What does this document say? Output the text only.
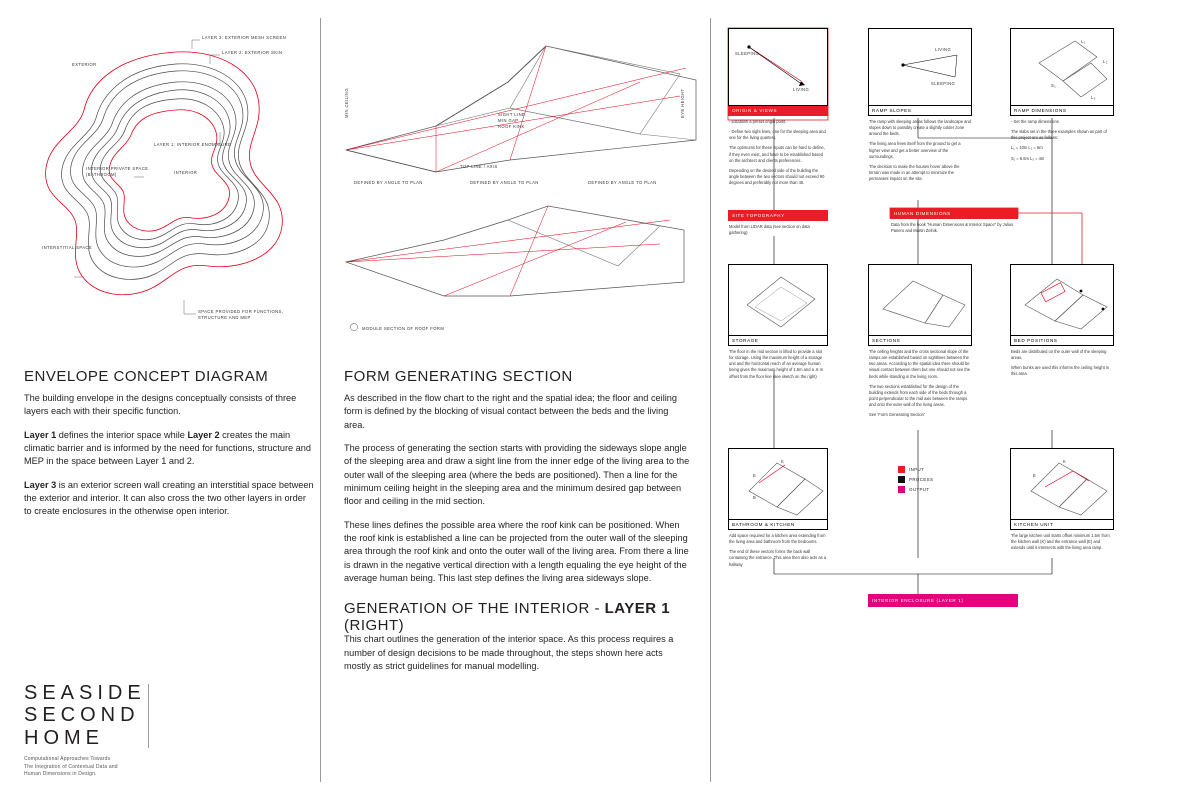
LAYER 3: EXTERIOR MESH SCREEN
LAYER 2: EXTERIOR SKIN
LAYER 1: INTERIOR ENCLOSURE
EXTERIOR
INTERIOR
INTERIOR PRIVATE SPACE
(BATHROOM)
INTERSTITIAL SPACE
SPACE PROVIDED FOR FUNCTIONS,
STRUCTURE AND MEP
ENVELOPE CONCEPT DIAGRAM

The building envelope in the designs conceptually consists of three layers each with their specific function.

Layer 1 defines the interior space while Layer 2 creates the main climatic barrier and is informed by the need for functions, structure and MEP in the space between Layer 1 and 2.

Layer 3 is an exterior screen wall creating an interstitial space between the exterior and interior. It can also cross the two other layers in order to create enclosures in the otherwise open interior.

SEASIDE
SECOND
HOME
Computational Approaches Towards
The Integration of Contextual Data and
Human Dimensions in Design.
MIN CEILING	EYE HEIGHT
SIGHT LINE
MIN GAP
ROOF KINK
TOP LINE / AXIS
DEFINED BY ANGLE TO PLAN	DEFINED BY ANGLE TO PLAN	DEFINED BY ANGLE TO PLAN
MODULE SECTION OF ROOF FORM
FORM GENERATING SECTION

As described in the flow chart to the right and the spatial idea; the floor and ceiling form is defined by the blocking of visual contact between the beds and the living area.

The process of generating the section starts with providing the sideways slope angle of the sleeping area and draw a sight line from the inner edge of the living area to the outer wall of the sleeping area (where the beds are positioned). Then a line for the minimum ceiling height in the sleeping area and the minimum desired gap between floor and ceiling in the mid section.

These lines defines the possible area where the roof kink can be positioned. When the roof kink is established a line can be projected from the outer wall of the sleeping area through the roof kink and onto the outer wall of the living area. From there a line is drawn in the negative vertical direction with a length equaling the eye height of the average human being. This last step defines the living area sideways slope.

GENERATION OF THE INTERIOR - LAYER 1 (RIGHT)

This chart outlines the generation of the interior space. As this process requires a number of design decisions to be made throughout, the steps shown here acts mostly as strict guidelines for manual modelling.

SLEEPING
LIVING
ORIGIN & VIEWS

- Establish a preset origin point.

- Define two sight lines, one for the sleeping area and one for the living quarters.

The optimums for these inputs can be hard to define, if they even exist, and have to be established based on the architect and clients preferences.

Depending on the desired side of the building the angle between the two vectors should not exceed 90 degrees and preferably not more than 45.

LIVING
SLEEPING
RAMP SLOPES

The ramp with sleeping areas follows the landscape and slopes down to possibly create a slightly colder zone around the beds.

The living area frees itself from the ground to get a higher view and get a better overview of the surroundings.

The decision to make the houses hover above the terrain was made in an attempt to minimize the permanent impact on the site.

L₁
L₂
S₁
L₃
RAMP DIMENSIONS

- Set the ramp dimensions

The slabs set in the three examples shown as part of this project are as follows:

L₁ = 10m L₂ = 6m

S₁ = 8.6m L₃ = 4m

SITE TOPOGRAPHY

Model from LIDAR data (see section on data gathering)

HUMAN DIMENSIONS

Data from the book "Human Dimensions & Interior Space" by Julius Panero and Martin Zelnik.

STORAGE

The floor in the mid section is lifted to provide a slot for storage. Using the maximum height of a storage unit and the horizontal reach of an average human being gives the maximum height of 1.5m and a .6 m offset from the floor line (see sketch on the right)

SECTIONS

The ceiling heights and the cross sectional slope of the ramps are established based on sightlines between the two areas. According to the spatial idea there should be visual contact between them but one should not see the beds while standing in the living room.

The two sections established for the design of the building extends from each side of the beds through a point perpendicular to the mid axis between the ramps and onto the outer wall of the living areas.

See 'Form Generating Section'

BED POSITIONS

Beds are distributed on the outer wall of the sleeping areas.

When bunks are used this informs the ceiling height in this area.

E
K
B
BATHROOM & KITCHEN

Add space required for a kitchen area extending from the living area and bathroom from the bedrooms.

The end of these vectors forms the back wall containing the entrance. This area then also acts as a hallway

E
K
KITCHEN UNIT

The large kitchen unit starts offset minimum 1.5m from the kitchen wall (K) and the entrance wall (E) and extends until it intersects with the living area ramp.

INPUT
PROCESS
OUTPUT
INTERIOR ENCLOSURE (LAYER 1)
